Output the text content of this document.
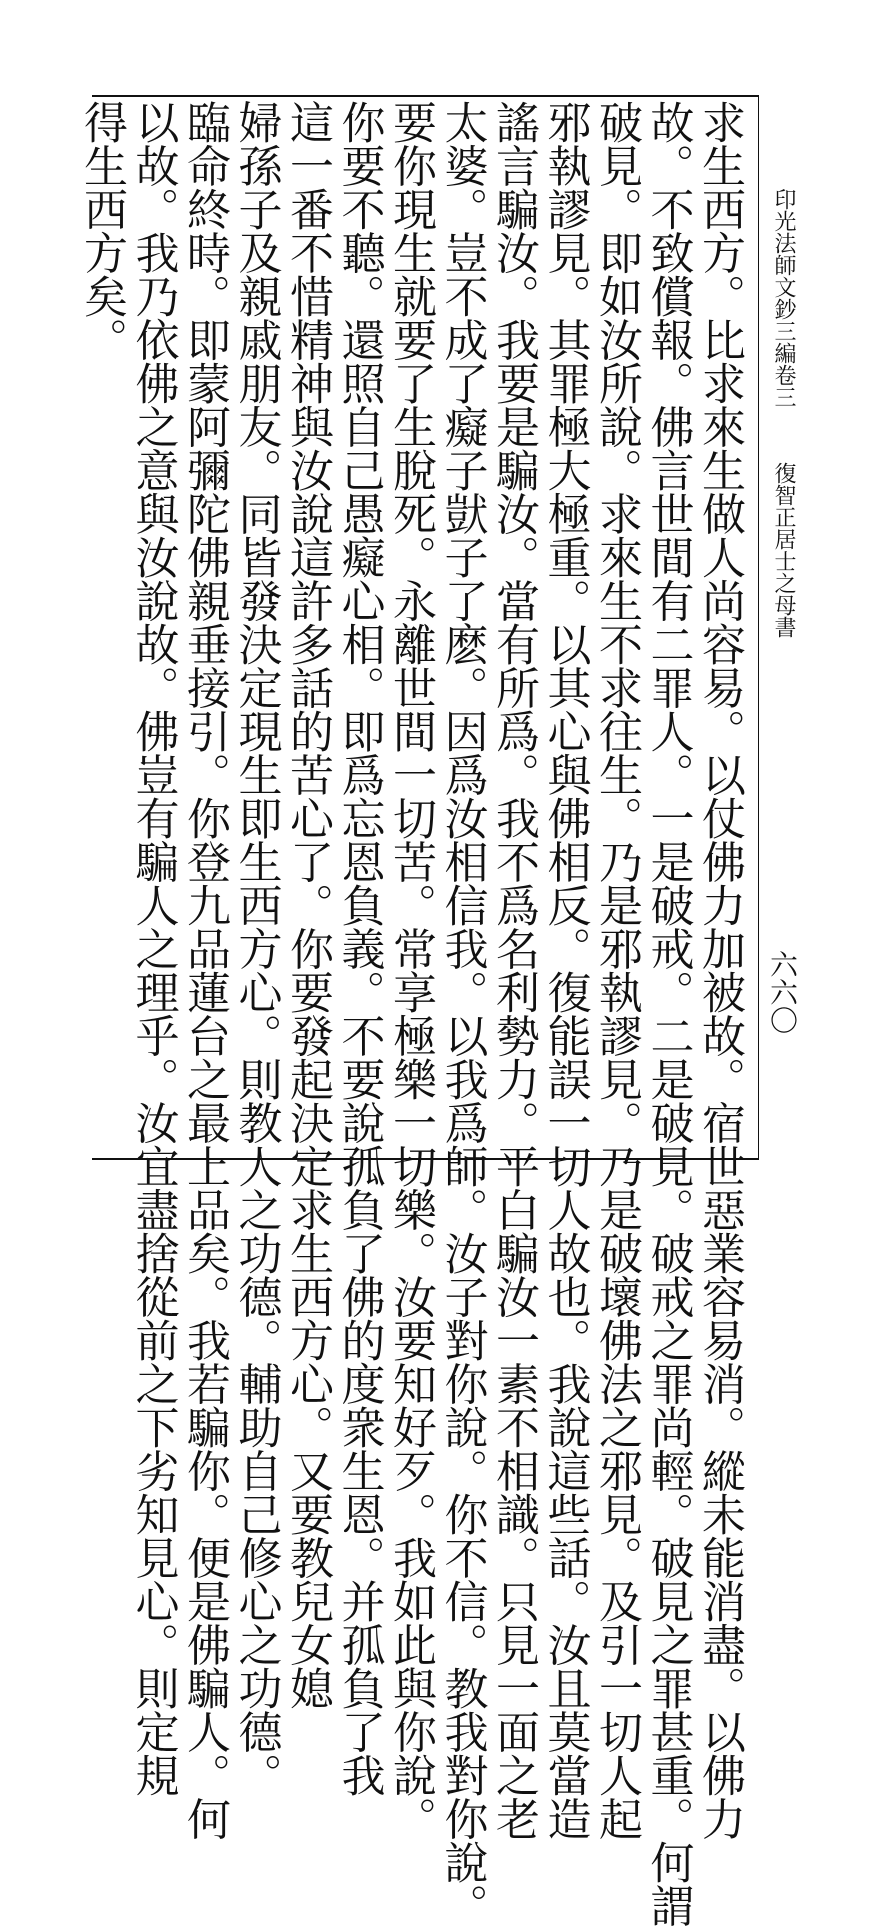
印光法師文鈔三編卷三
復智正居士之母書
六六〇
求生西方。比求來生做人尚容易。以仗佛力加被故。宿世惡業容易消。縱未能消盡。以佛力
故。不致償報。佛言世間有二罪人。一是破戒。二是破見。破戒之罪尚輕。破見之罪甚重。何謂
破見。即如汝所說。求來生不求往生。乃是邪執謬見。乃是破壞佛法之邪見。及引一切人起
邪執謬見。其罪極大極重。以其心與佛相反。復能誤一切人故也。我說這些話。汝且莫當造
謠言騙汝。我要是騙汝。當有所爲。我不爲名利勢力。平白騙汝一素不相識。只見一面之老
太婆。豈不成了癡子獃子了麽。因爲汝相信我。以我爲師。汝子對你說。你不信。教我對你說。
要你現生就要了生脫死。永離世間一切苦。常享極樂一切樂。汝要知好歹。我如此與你說。
你要不聽。還照自己愚癡心相。即爲忘恩負義。不要說孤負了佛的度衆生恩。并孤負了我
這一番不惜精神與汝說這許多話的苦心了。你要發起決定求生西方心。又要教兒女媳
婦孫子及親戚朋友。同皆發決定現生即生西方心。則教人之功德。輔助自己修心之功德。
臨命終時。即蒙阿彌陀佛親垂接引。你登九品蓮台之最上品矣。我若騙你。便是佛騙人。何
以故。我乃依佛之意與汝說故。佛豈有騙人之理乎。汝宜盡捨從前之下劣知見心。則定規
得生西方矣。
